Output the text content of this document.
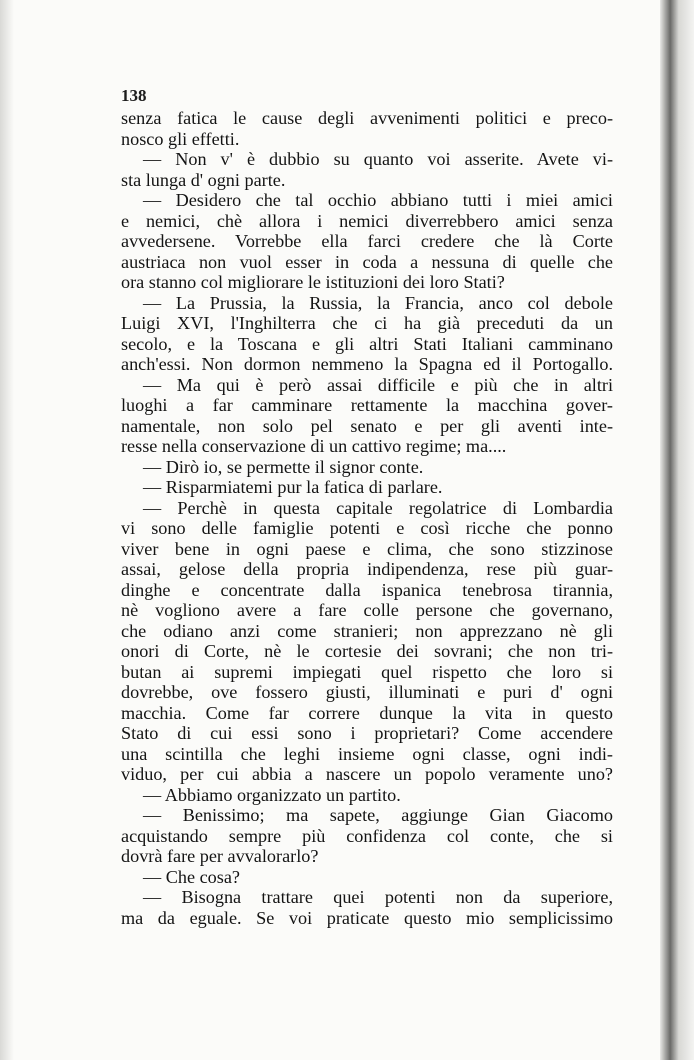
138

senza fatica le cause degli avvenimenti politici e preco-
nosco gli effetti.
— Non v' è dubbio su quanto voi asserite. Avete vi-
sta lunga d' ogni parte.
— Desidero che tal occhio abbiano tutti i miei amici
e nemici, chè allora i nemici diverrebbero amici senza
avvedersene. Vorrebbe ella farci credere che là Corte
austriaca non vuol esser in coda a nessuna di quelle che
ora stanno col migliorare le istituzioni dei loro Stati?
— La Prussia, la Russia, la Francia, anco col debole
Luigi XVI, l'Inghilterra che ci ha già preceduti da un
secolo, e la Toscana e gli altri Stati Italiani camminano
anch'essi. Non dormon nemmeno la Spagna ed il Portogallo.
— Ma qui è però assai difficile e più che in altri
luoghi a far camminare rettamente la macchina gover-
namentale, non solo pel senato e per gli aventi inte-
resse nella conservazione di un cattivo regime; ma....
— Dirò io, se permette il signor conte.
— Risparmiatemi pur la fatica di parlare.
— Perchè in questa capitale regolatrice di Lombardia
vi sono delle famiglie potenti e così ricche che ponno
viver bene in ogni paese e clima, che sono stizzinose
assai, gelose della propria indipendenza, rese più guar-
dinghe e concentrate dalla ispanica tenebrosa tirannia,
nè vogliono avere a fare colle persone che governano,
che odiano anzi come stranieri; non apprezzano nè gli
onori di Corte, nè le cortesie dei sovrani; che non tri-
butan ai supremi impiegati quel rispetto che loro si
dovrebbe, ove fossero giusti, illuminati e puri d' ogni
macchia. Come far correre dunque la vita in questo
Stato di cui essi sono i proprietari? Come accendere
una scintilla che leghi insieme ogni classe, ogni indi-
viduo, per cui abbia a nascere un popolo veramente uno?
— Abbiamo organizzato un partito.
— Benissimo; ma sapete, aggiunge Gian Giacomo
acquistando sempre più confidenza col conte, che si
dovrà fare per avvalorarlo?
— Che cosa?
— Bisogna trattare quei potenti non da superiore,
ma da eguale. Se voi praticate questo mio semplicissimo
